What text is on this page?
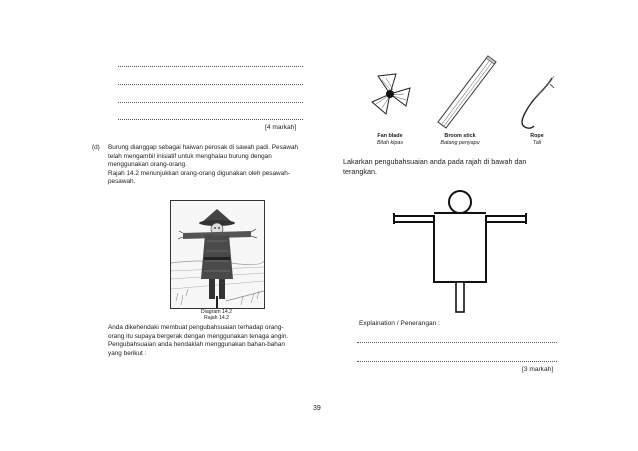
[4 markah]
(d) Burung dianggap sebagai haiwan perosak di sawah padi. Pesawah
telah mengambil inisiatif untuk menghalau burung dengan
menggunakan orang-orang.
Rajah 14.2 menunjukkan orang-orang digunakan oleh pesawah-
pesawah.
Diagram 14.2
Rajah 14.2
Anda dikehendaki membuat pengubahsuaian terhadap orang-
orang itu supaya bergerak dengan menggunakan tenaga angin.
Pengubahsuaian anda hendaklah menggunakan bahan-bahan
yang berikut :
Fan blade
Bilah kipas
Broom stick
Batang penyapu
Rope
Tali
Lakarkan pengubahsuaian anda pada rajah di bawah dan
terangkan.
Explaination / Penerangan :
[3 markah]
39
